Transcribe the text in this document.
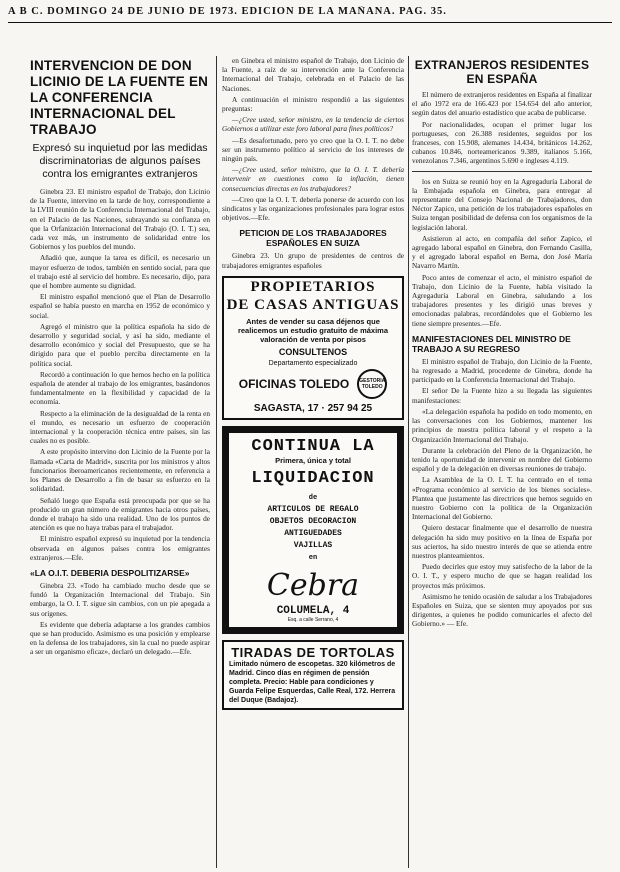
A B C. DOMINGO 24 DE JUNIO DE 1973. EDICION DE LA MAÑANA. PAG. 35.
INTERVENCION DE DON LICINIO DE LA FUENTE EN LA CONFERENCIA INTERNACIONAL DEL TRABAJO
Expresó su inquietud por las medidas discriminatorias de algunos países contra los emigrantes extranjeros

Ginebra 23. El ministro español de Trabajo, don Licinio de la Fuente, intervino en la tarde de hoy, correspondiente a la LVIII reunión de la Conferencia Internacional del Trabajo, en el Palacio de las Naciones, subrayando su confianza en que la Orfanización Internacional del Trabajo (O. I. T.) sea, cada vez más, un instrumento de solidaridad entre los Gobiernos y los pueblos del mundo.

Añadió que, aunque la tarea es difícil, es necesario un mayor esfuerzo de todos, también en sentido social, para que el trabajo esté al servicio del hombre. Es necesario, dijo, para que el hombre aumente su dignidad.

El ministro español mencionó que el Plan de Desarrollo español se había puesto en marcha en 1952 de económico y social.

Agregó el ministro que la política española ha sido de desarrollo y seguridad social, y así ha sido, mediante el desarrollo económico y social del Presupuesto, que se ha dirigido para que el pueblo perciba directamente en la política social.

Recordó a continuación lo que hemos hecho en la política española de atender al trabajo de los emigrantes, basándonos fundamentalmente en la flexibilidad y capacidad de la economía.

Respecto a la eliminación de la desigualdad de la renta en el mundo, es necesario un esfuerzo de cooperación internacional y la cooperación técnica entre países, sin las cuales no es posible.

A este propósito intervino don Licinio de la Fuente por la llamada «Carta de Madrid», suscrita por los ministros y altos funcionarios iberoamericanos recientemente, en referencia a los Planes de Desarrollo a fin de basar su esfuerzo en la solidaridad.

Señaló luego que España está preocupada por que se ha producido un gran número de emigrantes hacia otros países, donde el trabajo ha sido una realidad. Uno de los puntos de atención es que no haya trabas para el trabajador.

El ministro español expresó su inquietud por la tendencia observada en algunos países contra los emigrantes extranjeros.—Efe.

«LA O.I.T. DEBERIA DESPOLITIZARSE»

Ginebra 23. «Todo ha cambiado mucho desde que se fundó la Organización Internacional del Trabajo. Sin embargo, la O. I. T. sigue sin cambios, con un pie apegada a sus orígenes.

Es evidente que debería adaptarse a los grandes cambios que se han producido. Asimismo es una posición y emplearse en la defensa de los trabajadores, sin la cual no puede aspirar a ser un organismo eficaz», declaró un delegado.—Efe.

en Ginebra el ministro español de Trabajo, don Licinio de la Fuente, a raíz de su intervención ante la Conferencia Internacional del Trabajo, celebrada en el Palacio de las Naciones.

A continuación el ministro respondió a las siguientes preguntas:

—¿Cree usted, señor ministro, en la tendencia de ciertos Gobiernos a utilizar este foro laboral para fines políticos?

—Es desafortunado, pero yo creo que la O. I. T. no debe ser un instrumento político al servicio de los intereses de ningún país.

—¿Cree usted, señor ministro, que la O. I. T. debería intervenir en cuestiones como la inflación, tienen consecuencias directas en los trabajadores?

—Creo que la O. I. T. debería ponerse de acuerdo con los sindicatos y las organizaciones profesionales para lograr estos objetivos.—Efe.

PETICION DE LOS TRABAJADORES ESPAÑOLES EN SUIZA

Ginebra 23. Un grupo de presidentes de centros de trabajadores emigrantes españoles

PROPIETARIOS
DE CASAS ANTIGUAS
Antes de vender su casa déjenos que realicemos un estudio gratuito de máxima valoración de venta por pisos
CONSULTENOS
Departamento especializado
OFICINAS TOLEDO	GESTORIA TOLEDO
SAGASTA, 17 · 257 94 25
CONTINUA LA
Primera, única y total
LIQUIDACION
de
ARTICULOS DE REGALO
OBJETOS DECORACION
ANTIGUEDADES
VAJILLAS
en
Cebra
COLUMELA, 4
Esq. a calle Serrano, 4
TIRADAS DE TORTOLAS
Limitado número de escopetas. 320 kilómetros de Madrid. Cinco días en régimen de pensión completa. Precio: Hable para condiciones y Guarda Felipe Esquerdas, Calle Real, 172. Herrera del Duque (Badajoz).
EXTRANJEROS RESIDENTES EN ESPAÑA

El número de extranjeros residentes en España al finalizar el año 1972 era de 166.423 por 154.654 del año anterior, según datos del anuario estadístico que acaba de publicarse.

Por nacionalidades, ocupan el primer lugar los portugueses, con 26.388 residentes, seguidos por los franceses, con 15.908, alemanes 14.434, británicos 14.262, cubanos 10.846, norteamericanos 9.389, italianos 5.166, venezolanos 7.346, argentinos 5.690 e ingleses 4.119.

los en Suiza se reunió hoy en la Agregaduría Laboral de la Embajada española en Ginebra, para entregar al representante del Consejo Nacional de Trabajadores, don Néctor Zapico, una petición de los trabajadores españoles en Suiza tengan posibilidad de defensa con los organismos de la legislación laboral.

Asistieron al acto, en compañía del señor Zapico, el agregado laboral español en Ginebra, don Fernando Casilla, y el agregado laboral español en Berna, don José María Navarro Martín.

Poco antes de comenzar el acto, el ministro español de Trabajo, don Licinio de la Fuente, había visitado la Agregaduría Laboral en Ginebra, saludando a los trabajadores presentes y les dirigió unas breves y emocionadas palabras, recordándoles que el Gobierno les tiene siempre presentes.—Efe.

MANIFESTACIONES DEL MINISTRO DE TRABAJO A SU REGRESO

El ministro español de Trabajo, don Licinio de la Fuente, ha regresado a Madrid, procedente de Ginebra, donde ha participado en la Conferencia Internacional del Trabajo.

El señor De la Fuente hizo a su llegada las siguientes manifestaciones:

«La delegación española ha podido en todo momento, en las conversaciones con los Gobiernos, mantener los principios de nuestra política laboral y el respeto a la Organización Internacional del Trabajo.

Durante la celebración del Pleno de la Organización, he tenido la oportunidad de intervenir en nombre del Gobierno español y de la delegación en diversas reuniones de trabajo.

La Asamblea de la O. I. T. ha centrado en el tema «Programa económico al servicio de los bienes sociales». Plantea que justamente las directrices que hemos seguido en nuestro Gobierno con la política de la Organización Internacional del Gobierno.

Quiero destacar finalmente que el desarrollo de nuestra delegación ha sido muy positivo en la línea de España por sus aciertos, ha sido nuestro interés de que se atienda entre nuestros planteamientos.

Puedo decirles que estoy muy satisfecho de la labor de la O. I. T., y espero mucho de que se hagan realidad los proyectos más próximos.

Asimismo he tenido ocasión de saludar a los Trabajadores Españoles en Suiza, que se sienten muy apoyados por sus dirigentes, a quienes he podido comunicarles el afecto del Gobierno.» — Efe.
